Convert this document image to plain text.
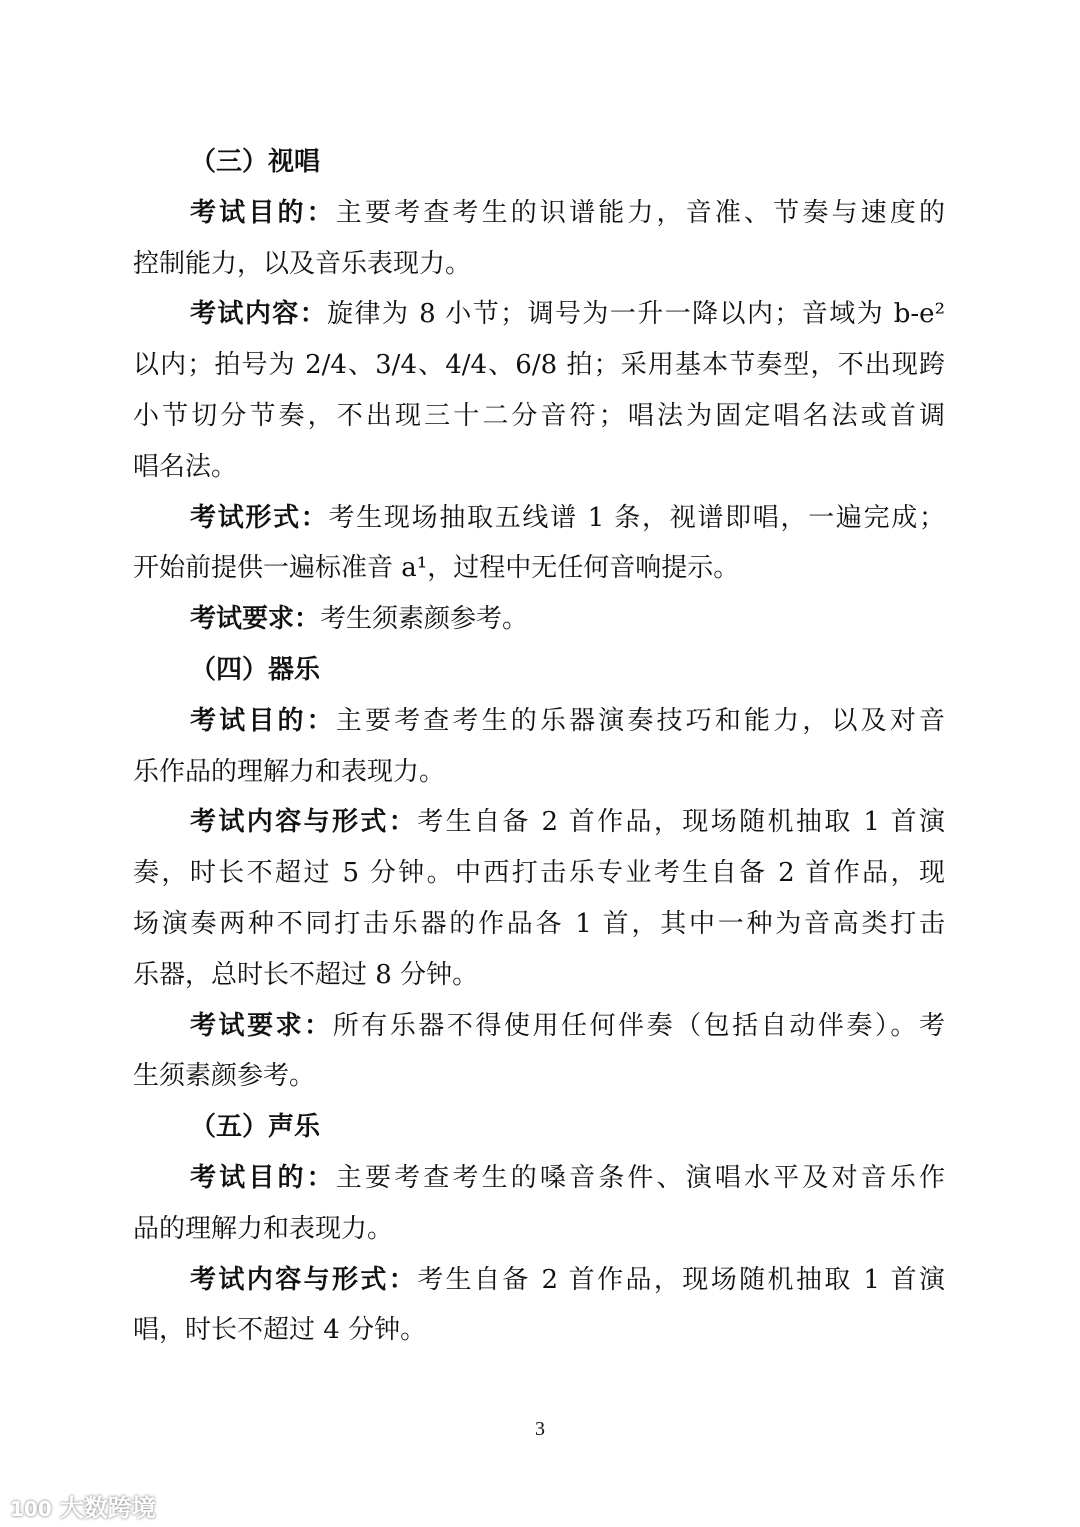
（三）视唱
考试目的：主要考查考生的识谱能力，音准、节奏与速度的
控制能力，以及音乐表现力。
考试内容：旋律为 8 小节；调号为一升一降以内；音域为 b-e²
以内；拍号为 2/4、3/4、4/4、6/8 拍；采用基本节奏型，不出现跨
小节切分节奏，不出现三十二分音符；唱法为固定唱名法或首调
唱名法。
考试形式：考生现场抽取五线谱 1 条，视谱即唱，一遍完成；
开始前提供一遍标准音 a¹，过程中无任何音响提示。
考试要求：考生须素颜参考。
（四）器乐
考试目的：主要考查考生的乐器演奏技巧和能力，以及对音
乐作品的理解力和表现力。
考试内容与形式：考生自备 2 首作品，现场随机抽取 1 首演
奏，时长不超过 5 分钟。中西打击乐专业考生自备 2 首作品，现
场演奏两种不同打击乐器的作品各 1 首，其中一种为音高类打击
乐器，总时长不超过 8 分钟。
考试要求：所有乐器不得使用任何伴奏（包括自动伴奏）。考
生须素颜参考。
（五）声乐
考试目的：主要考查考生的嗓音条件、演唱水平及对音乐作
品的理解力和表现力。
考试内容与形式：考生自备 2 首作品，现场随机抽取 1 首演
唱，时长不超过 4 分钟。
3
100 大数跨境
